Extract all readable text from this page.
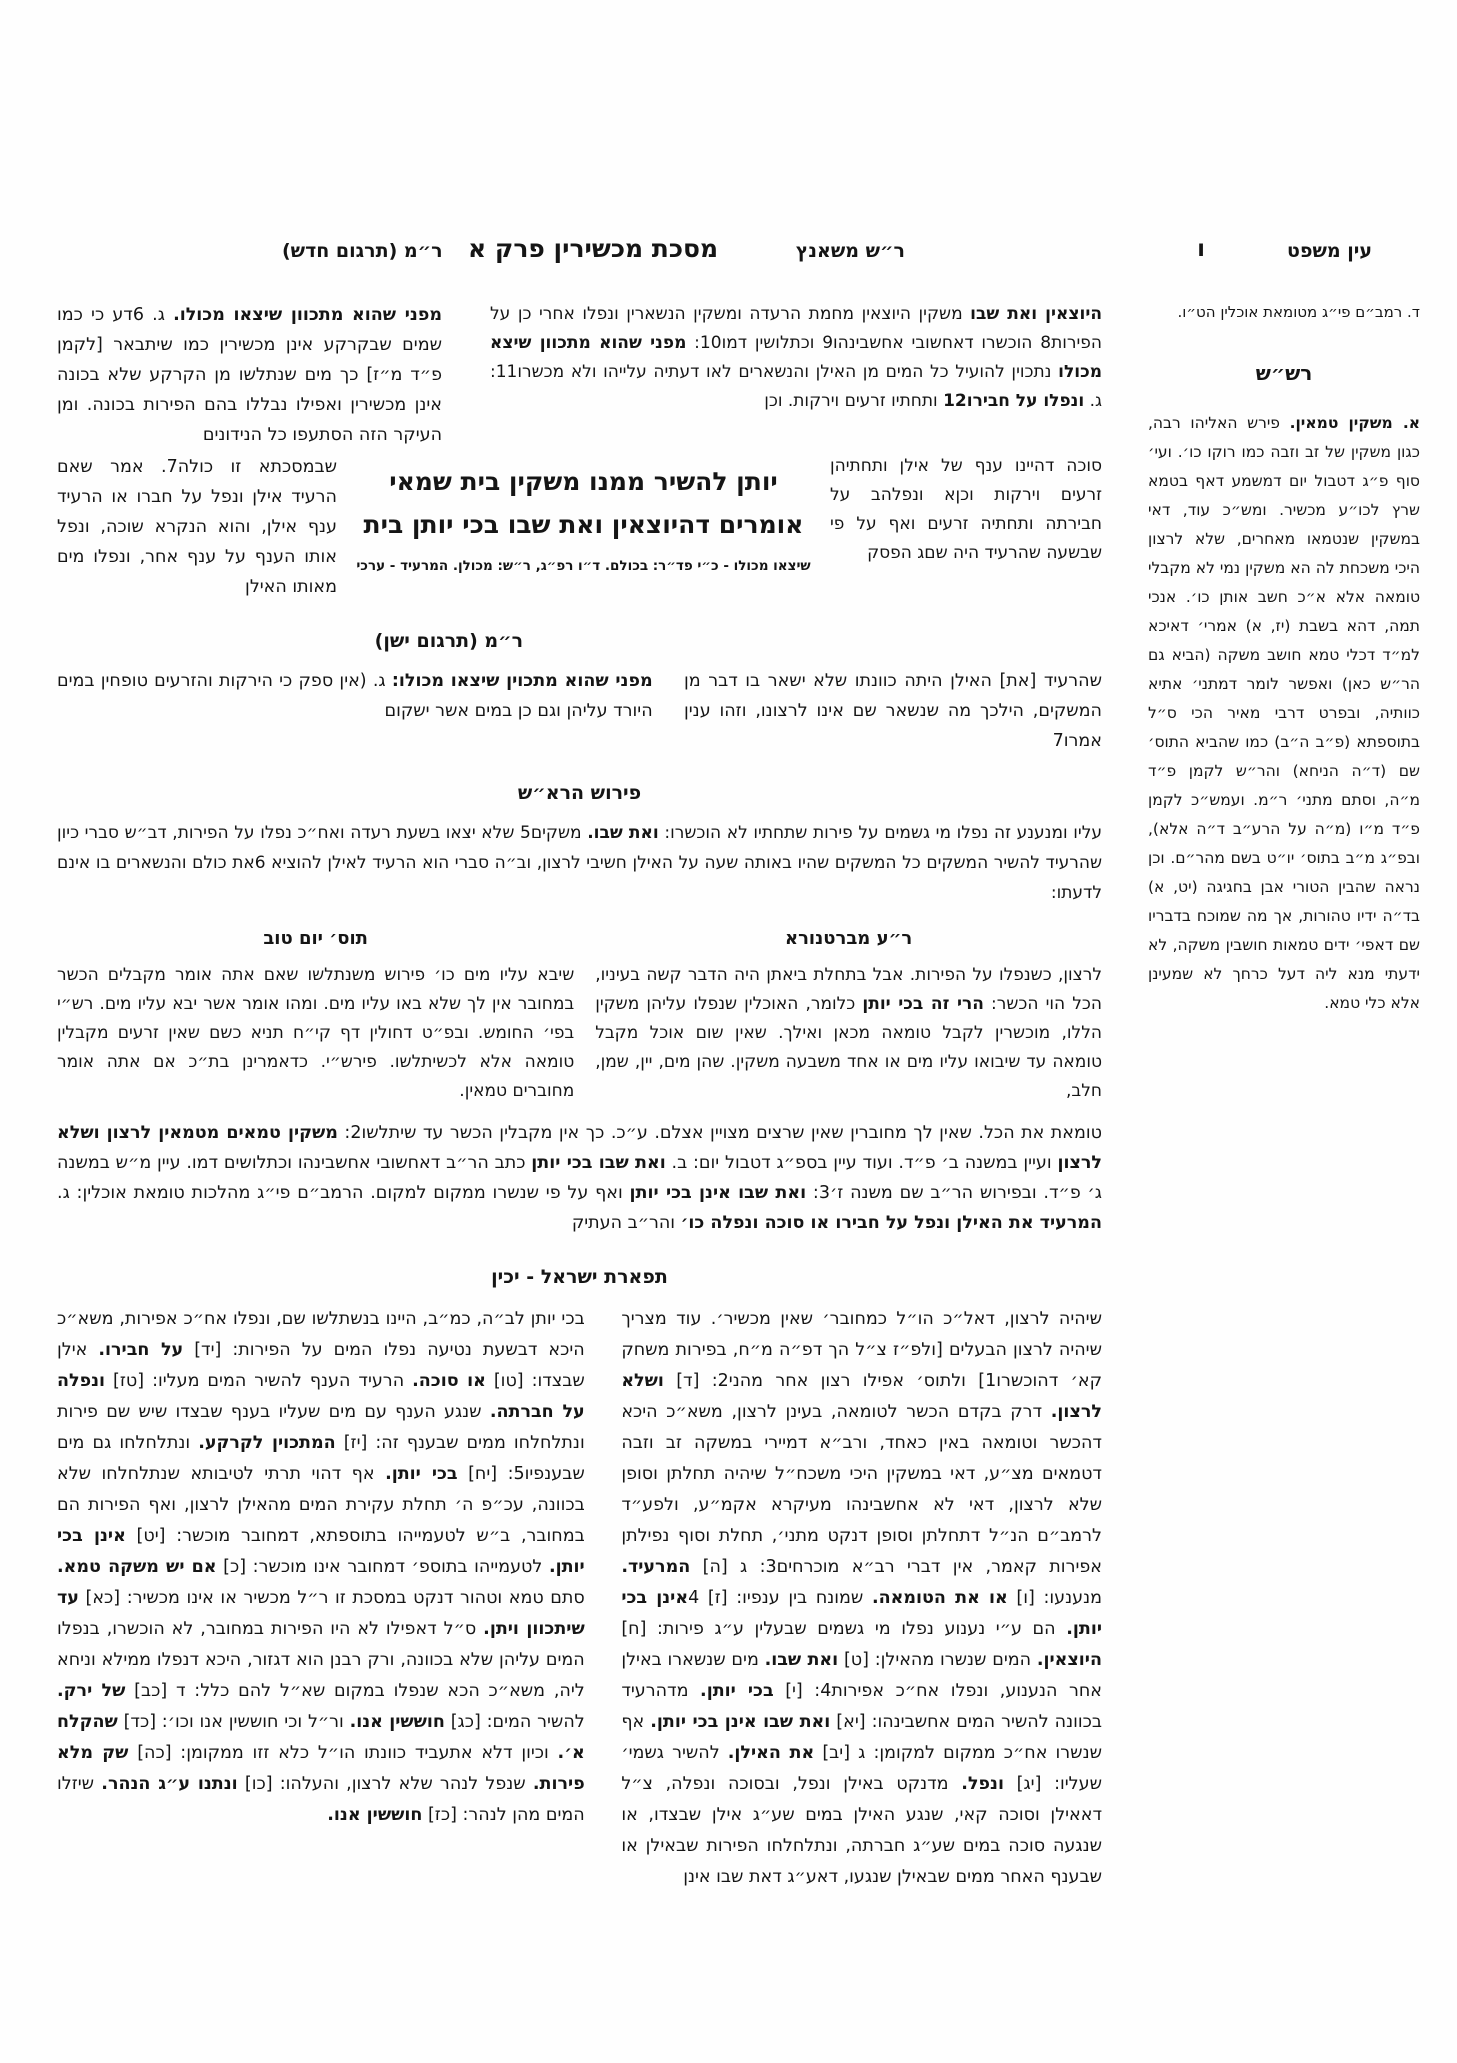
עין משפט
ו
ר״ש משאנץ
מסכת מכשירין פרק א
ר״מ (תרגום חדש)

ד. רמב״ם פי״ג מטומאת אוכלין הט״ו.

רש״ש

א. משקין טמאין. פירש האליהו רבה, כגון משקין של זב וזבה כמו רוקו כו׳. ועי׳ סוף פ״ג דטבול יום דמשמע דאף בטמא שרץ לכו״ע מכשיר. ומש״כ עוד, דאי במשקין שנטמאו מאחרים, שלא לרצון היכי משכחת לה הא משקין נמי לא מקבלי טומאה אלא א״כ חשב אותן כו׳. אנכי תמה, דהא בשבת (יז, א) אמרי׳ דאיכא למ״ד דכלי טמא חושב משקה (הביא גם הר״ש כאן) ואפשר לומר דמתני׳ אתיא כוותיה, ובפרט דרבי מאיר הכי ס״ל בתוספתא (פ״ב ה״ב) כמו שהביא התוס׳ שם (ד״ה הניחא) והר״ש לקמן פ״ד מ״ה, וסתם מתני׳ ר״מ. ועמש״כ לקמן פ״ד מ״ו (מ״ה על הרע״ב ד״ה אלא), ובפ״ג מ״ב בתוס׳ יו״ט בשם מהר״ם. וכן נראה שהבין הטורי אבן בחגיגה (יט, א) בד״ה ידיו טהורות, אך מה שמוכח בדבריו שם דאפי׳ ידים טמאות חושבין משקה, לא ידעתי מנא ליה דעל כרחך לא שמעינן אלא כלי טמא.

היוצאין ואת שבו משקין היוצאין מחמת הרעדה ומשקין הנשארין ונפלו אחרי כן על הפירות8 הוכשרו דאחשובי אחשבינהו9 וכתלושין דמו10: מפני שהוא מתכוון שיצא מכולו נתכוין להועיל כל המים מן האילן והנשארים לאו דעתיה עלייהו ולא מכשרו11: ג. ונפלו על חבירו12 ותחתיו זרעים וירקות. וכן

מפני שהוא מתכוון שיצאו מכולו. ג. 6דע כי כמו שמים שבקרקע אינן מכשירין כמו שיתבאר [לקמן פ״ד מ״ז] כך מים שנתלשו מן הקרקע שלא בכונה אינן מכשירין ואפילו נבללו בהם הפירות בכונה. ומן העיקר הזה הסתעפו כל הנידונים

סוכה דהיינו ענף של אילן ותחתיהן זרעים וירקות וכןא ונפלהב על חבירתה ותחתיה זרעים ואף על פי שבשעה שהרעיד היה שםג הפסק

יותן להשיר ממנו משקין בית שמאי
אומרים דהיוצאין ואת שבו בכי יותן בית
שיצאו מכולו - כ״י פד״ר: בכולם. ד״ו רפ״ג, ר״ש: מכולן. המרעיד - ערכי

שבמסכתא זו כולה7. אמר שאם הרעיד אילן ונפל על חברו או הרעיד ענף אילן, והוא הנקרא שוכה, ונפל אותו הענף על ענף אחר, ונפלו מים מאותו האילן

ר״מ (תרגום ישן)

שהרעיד [את] האילן היתה כוונתו שלא ישאר בו דבר מן המשקים, הילכך מה שנשאר שם אינו לרצונו, וזהו ענין אמרו7

מפני שהוא מתכוין שיצאו מכולו: ג. (אין ספק כי הירקות והזרעים טופחין במים היורד עליהן וגם כן במים אשר ישקום

פירוש הרא״ש

עליו ומנענע זה נפלו מי גשמים על פירות שתחתיו לא הוכשרו: ואת שבו. משקים5 שלא יצאו בשעת רעדה ואח״כ נפלו על הפירות, דב״ש סברי כיון שהרעיד להשיר המשקים כל המשקים שהיו באותה שעה על האילן חשיבי לרצון, וב״ה סברי הוא הרעיד לאילן להוציא 6את כולם והנשארים בו אינם לדעתו:

ר״ע מברטנורא

לרצון, כשנפלו על הפירות. אבל בתחלת ביאתן היה הדבר קשה בעיניו, הכל הוי הכשר: הרי זה בכי יותן כלומר, האוכלין שנפלו עליהן משקין הללו, מוכשרין לקבל טומאה מכאן ואילך. שאין שום אוכל מקבל טומאה עד שיבואו עליו מים או אחד משבעה משקין. שהן מים, יין, שמן, חלב,

תוס׳ יום טוב

שיבא עליו מים כו׳ פירוש משנתלשו שאם אתה אומר מקבלים הכשר במחובר אין לך שלא באו עליו מים. ומהו אומר אשר יבא עליו מים. רש״י בפי׳ החומש. ובפ״ט דחולין דף קי״ח תניא כשם שאין זרעים מקבלין טומאה אלא לכשיתלשו. פירש״י. כדאמרינן בת״כ אם אתה אומר מחוברים טמאין.

טומאת את הכל. שאין לך מחוברין שאין שרצים מצויין אצלם. ע״כ. כך אין מקבלין הכשר עד שיתלשו2: משקין טמאים מטמאין לרצון ושלא לרצון ועיין במשנה ב׳ פ״ד. ועוד עיין בספ״ג דטבול יום: ב. ואת שבו בכי יותן כתב הר״ב דאחשובי אחשבינהו וכתלושים דמו. עיין מ״ש במשנה ג׳ פ״ד. ובפירוש הר״ב שם משנה ז׳3: ואת שבו אינן בכי יותן ואף על פי שנשרו ממקום למקום. הרמב״ם פי״ג מהלכות טומאת אוכלין: ג. המרעיד את האילן ונפל על חבירו או סוכה ונפלה כו׳ והר״ב העתיק

תפארת ישראל - יכין

שיהיה לרצון, דאל״כ הו״ל כמחובר׳ שאין מכשיר׳. עוד מצריך שיהיה לרצון הבעלים [ולפ״ז צ״ל הך דפ״ה מ״ח, בפירות משחק קא׳ דהוכשרו1] ולתוס׳ אפילו רצון אחר מהני2: [ד] ושלא לרצון. דרק בקדם הכשר לטומאה, בעינן לרצון, משא״כ היכא דהכשר וטומאה באין כאחד, ורב״א דמיירי במשקה זב וזבה דטמאים מצ״ע, דאי במשקין היכי משכח״ל שיהיה תחלתן וסופן שלא לרצון, דאי לא אחשבינהו מעיקרא אקמ״ע, ולפע״ד לרמב״ם הנ״ל דתחלתן וסופן דנקט מתני׳, תחלת וסוף נפילתן אפירות קאמר, אין דברי רב״א מוכרחים3: ג [ה] המרעיד. מנענעו: [ו] או את הטומאה. שמונח בין ענפיו: [ז] 4אינן בכי יותן. הם ע״י נענוע נפלו מי גשמים שבעלין ע״ג פירות: [ח] היוצאין. המים שנשרו מהאילן: [ט] ואת שבו. מים שנשארו באילן אחר הנענוע, ונפלו אח״כ אפירות4: [י] בכי יותן. מדהרעיד בכוונה להשיר המים אחשבינהו: [יא] ואת שבו אינן בכי יותן. אף שנשרו אח״כ ממקום למקומן: ג [יב] את האילן. להשיר גשמי׳ שעליו: [יג] ונפל. מדנקט באילן ונפל, ובסוכה ונפלה, צ״ל דאאילן וסוכה קאי, שנגע האילן במים שע״ג אילן שבצדו, או שנגעה סוכה במים שע״ג חברתה, ונתלחלחו הפירות שבאילן או שבענף האחר ממים שבאילן שנגעו, דאע״ג דאת שבו אינן

בכי יותן לב״ה, כמ״ב, היינו בנשתלשו שם, ונפלו אח״כ אפירות, משא״כ היכא דבשעת נטיעה נפלו המים על הפירות: [יד] על חבירו. אילן שבצדו: [טו] או סוכה. הרעיד הענף להשיר המים מעליו: [טז] ונפלה על חברתה. שנגע הענף עם מים שעליו בענף שבצדו שיש שם פירות ונתלחלחו ממים שבענף זה: [יז] המתכוין לקרקע. ונתלחלחו גם מים שבענפיו5: [יח] בכי יותן. אף דהוי תרתי לטיבותא שנתלחלחו שלא בכוונה, עכ״פ ה׳ תחלת עקירת המים מהאילן לרצון, ואף הפירות הם במחובר, ב״ש לטעמייהו בתוספתא, דמחובר מוכשר: [יט] אינן בכי יותן. לטעמייהו בתוספ׳ דמחובר אינו מוכשר: [כ] אם יש משקה טמא. סתם טמא וטהור דנקט במסכת זו ר״ל מכשיר או אינו מכשיר: [כא] עד שיתכוון ויתן. ס״ל דאפילו לא היו הפירות במחובר, לא הוכשרו, בנפלו המים עליהן שלא בכוונה, ורק רבנן הוא דגזור, היכא דנפלו ממילא וניחא ליה, משא״כ הכא שנפלו במקום שא״ל להם כלל: ד [כב] של ירק. להשיר המים: [כג] חוששין אנו. ור״ל וכי חוששין אנו וכו׳: [כד] שהקלח א׳. וכיון דלא אתעביד כוונתו הו״ל כלא זזו ממקומן: [כה] שק מלא פירות. שנפל לנהר שלא לרצון, והעלהו: [כו] ונתנו ע״ג הנהר. שיזלו המים מהן לנהר: [כז] חוששין אנו.
